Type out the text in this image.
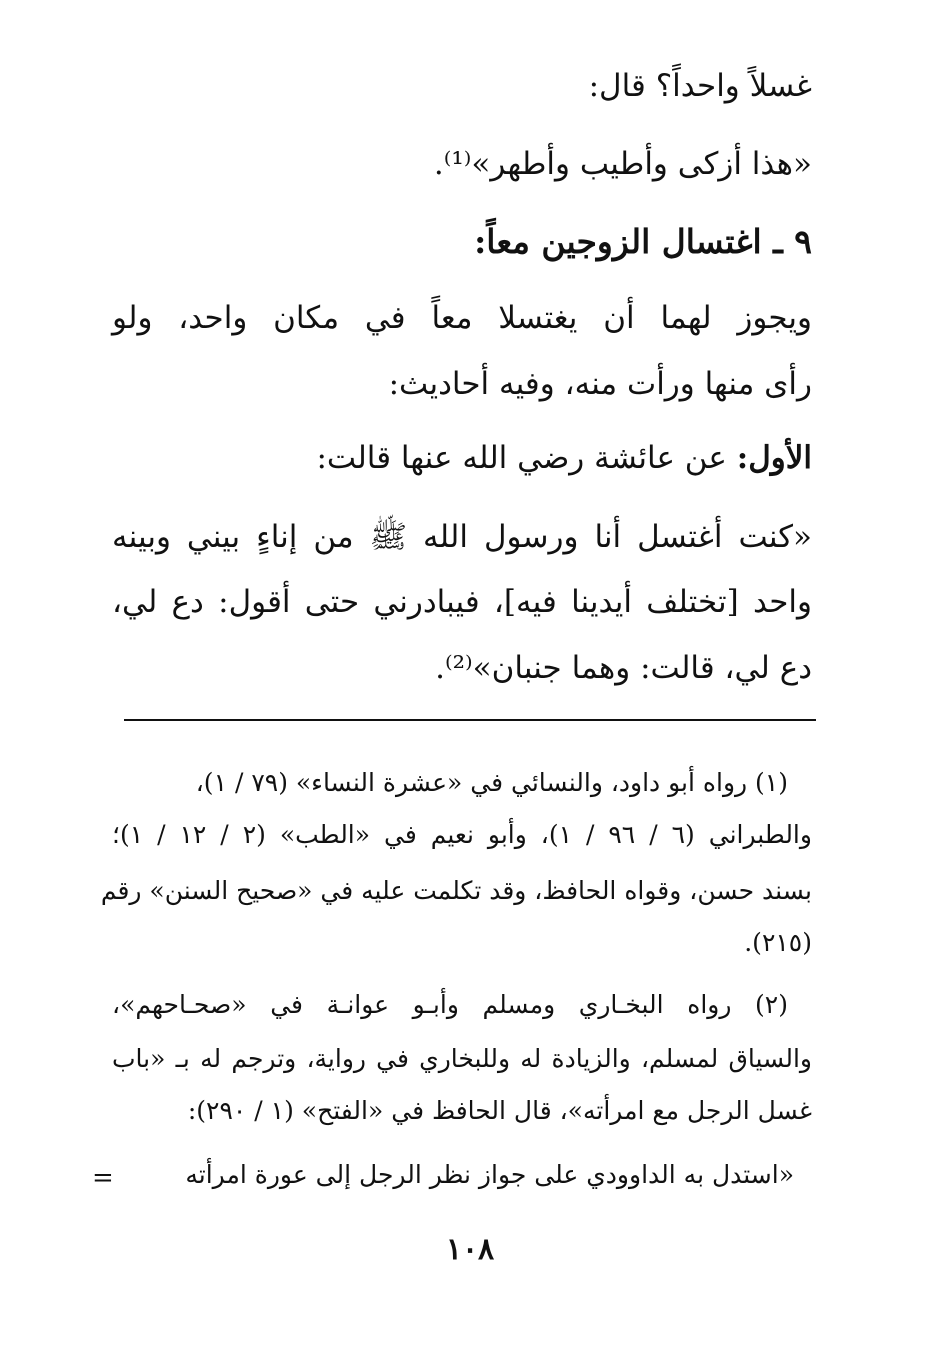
غسلاً واحداً؟ قال:
«هذا أزكى وأطيب وأطهر»⁽¹⁾.
٩ ـ اغتسال الزوجين معاً:
ويجوز لهما أن يغتسلا معاً في مكان واحد، ولو
رأى منها ورأت منه، وفيه أحاديث:
الأول: عن عائشة رضي الله عنها قالت:
«كنت أغتسل أنا ورسول الله ﷺ من إناءٍ بيني وبينه
واحد [تختلف أيدينا فيه]، فيبادرني حتى أقول: دع لي،
دع لي، قالت: وهما جنبان»⁽²⁾.
(١) رواه أبو داود، والنسائي في «عشرة النساء» (٧٩ / ١)،
والطبراني (٦ / ٩٦ / ١)، وأبو نعيم في «الطب» (٢ / ١٢ / ١)؛
بسند حسن، وقواه الحافظ، وقد تكلمت عليه في «صحيح السنن» رقم
(٢١٥).
(٢) رواه البخـاري ومسلم وأبـو عوانـة في «صحـاحهم»،
والسياق لمسلم، والزيادة له وللبخاري في رواية، وترجم له بـ «باب
غسل الرجل مع امرأته»، قال الحافظ في «الفتح» (١ / ٢٩٠):
«استدل به الداوودي على جواز نظر الرجل إلى عورة امرأته
=
١٠٨
